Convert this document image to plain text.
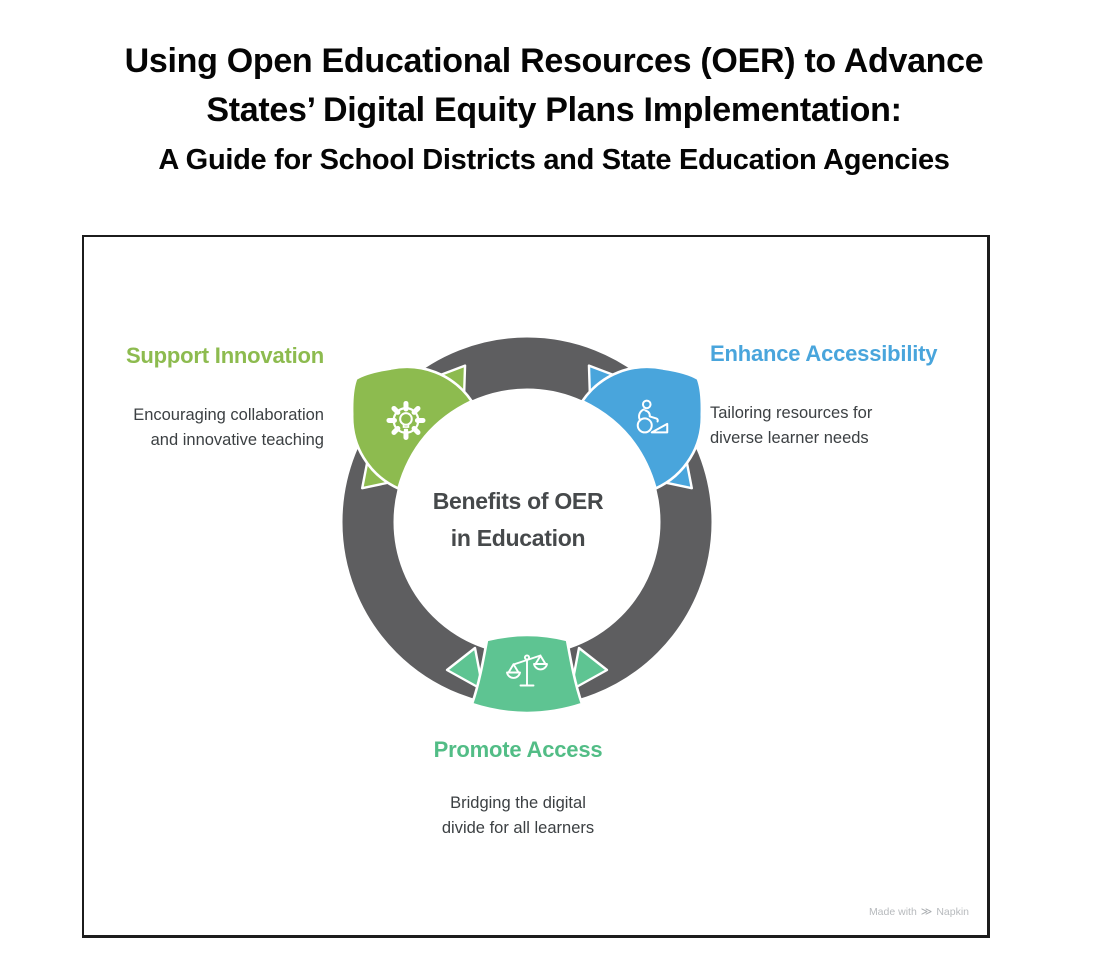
Using Open Educational Resources (OER) to Advance
States’ Digital Equity Plans Implementation:
A Guide for School Districts and State Education Agencies
Support Innovation
Encouraging collaboration
and innovative teaching
Enhance Accessibility
Tailoring resources for
diverse learner needs
Promote Access
Bridging the digital
divide for all learners
Benefits of OER
in Education
Made with ≫ Napkin
